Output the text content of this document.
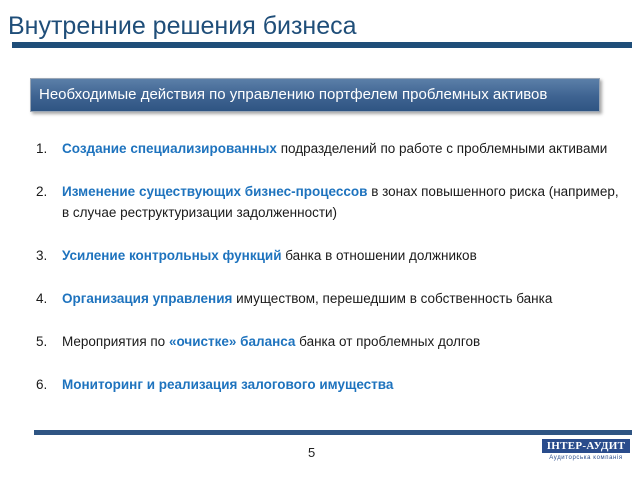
Внутренние решения бизнеса
Необходимые действия по управлению портфелем проблемных активов
1. Создание специализированных подразделений по работе с проблемными активами
2. Изменение существующих бизнес-процессов в зонах повышенного риска (например, в случае реструктуризации задолженности)
3. Усиление контрольных функций банка в отношении должников
4. Организация управления имуществом, перешедшим в собственность банка
5. Мероприятия по «очистке» баланса банка от проблемных долгов
6. Мониторинг и реализация залогового имущества
5	ІНТЕР-АУДИТ
Аудиторська компанія
